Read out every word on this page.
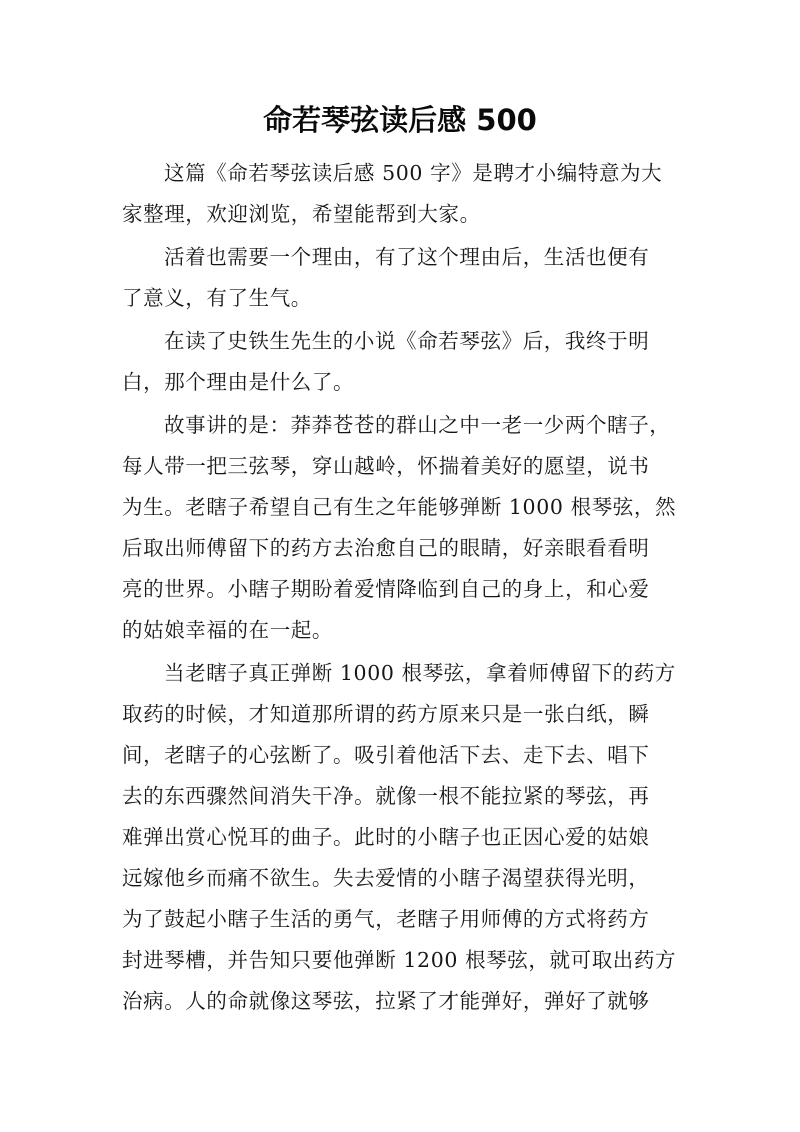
命若琴弦读后感 500
这篇《命若琴弦读后感 500 字》是聘才小编特意为大
家整理，欢迎浏览，希望能帮到大家。
活着也需要一个理由，有了这个理由后，生活也便有
了意义，有了生气。
在读了史铁生先生的小说《命若琴弦》后，我终于明
白，那个理由是什么了。
故事讲的是：莽莽苍苍的群山之中一老一少两个瞎子，
每人带一把三弦琴，穿山越岭，怀揣着美好的愿望，说书
为生。老瞎子希望自己有生之年能够弹断 1000 根琴弦，然
后取出师傅留下的药方去治愈自己的眼睛，好亲眼看看明
亮的世界。小瞎子期盼着爱情降临到自己的身上，和心爱
的姑娘幸福的在一起。
当老瞎子真正弹断 1000 根琴弦，拿着师傅留下的药方
取药的时候，才知道那所谓的药方原来只是一张白纸，瞬
间，老瞎子的心弦断了。吸引着他活下去、走下去、唱下
去的东西骤然间消失干净。就像一根不能拉紧的琴弦，再
难弹出赏心悦耳的曲子。此时的小瞎子也正因心爱的姑娘
远嫁他乡而痛不欲生。失去爱情的小瞎子渴望获得光明，
为了鼓起小瞎子生活的勇气，老瞎子用师傅的方式将药方
封进琴槽，并告知只要他弹断 1200 根琴弦，就可取出药方
治病。人的命就像这琴弦，拉紧了才能弹好，弹好了就够
